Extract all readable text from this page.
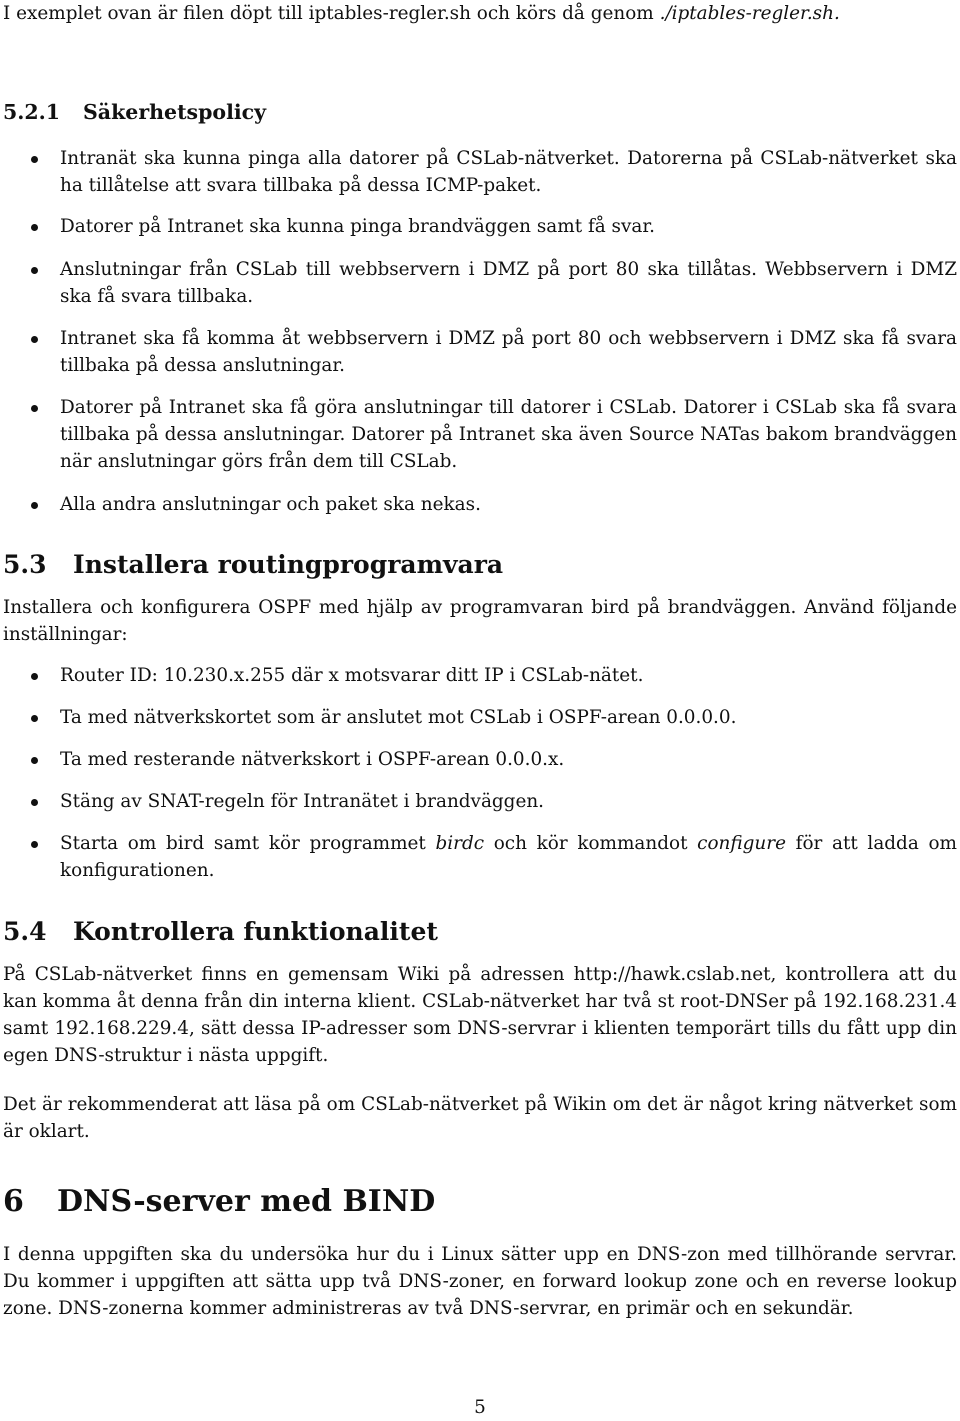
I exemplet ovan är filen döpt till iptables-regler.sh och körs då genom ./iptables-regler.sh.

5.2.1 Säkerhetspolicy
Intranät ska kunna pinga alla datorer på CSLab-nätverket. Datorerna på CSLab-nätverket ska ha tillåtelse att svara tillbaka på dessa ICMP-paket.
Datorer på Intranet ska kunna pinga brandväggen samt få svar.
Anslutningar från CSLab till webbservern i DMZ på port 80 ska tillåtas. Webbservern i DMZ ska få svara tillbaka.
Intranet ska få komma åt webbservern i DMZ på port 80 och webbservern i DMZ ska få svara tillbaka på dessa anslutningar.
Datorer på Intranet ska få göra anslutningar till datorer i CSLab. Datorer i CSLab ska få svara tillbaka på dessa anslutningar. Datorer på Intranet ska även Source NATas bakom brandväggen när anslutningar görs från dem till CSLab.
Alla andra anslutningar och paket ska nekas.
5.3 Installera routingprogramvara

Installera och konfigurera OSPF med hjälp av programvaran bird på brandväggen. Använd följande inställningar:

Router ID: 10.230.x.255 där x motsvarar ditt IP i CSLab-nätet.
Ta med nätverkskortet som är anslutet mot CSLab i OSPF-arean 0.0.0.0.
Ta med resterande nätverkskort i OSPF-arean 0.0.0.x.
Stäng av SNAT-regeln för Intranätet i brandväggen.
Starta om bird samt kör programmet birdc och kör kommandot configure för att ladda om konfigurationen.
5.4 Kontrollera funktionalitet

På CSLab-nätverket finns en gemensam Wiki på adressen http://hawk.cslab.net, kontrollera att du kan komma åt denna från din interna klient. CSLab-nätverket har två st root-DNSer på 192.168.231.4 samt 192.168.229.4, sätt dessa IP-adresser som DNS-servrar i klienten temporärt tills du fått upp din egen DNS-struktur i nästa uppgift.

Det är rekommenderat att läsa på om CSLab-nätverket på Wikin om det är något kring nätverket som är oklart.

6 DNS-server med BIND

I denna uppgiften ska du undersöka hur du i Linux sätter upp en DNS-zon med tillhörande servrar. Du kommer i uppgiften att sätta upp två DNS-zoner, en forward lookup zone och en reverse lookup zone. DNS-zonerna kommer administreras av två DNS-servrar, en primär och en sekundär.

5
